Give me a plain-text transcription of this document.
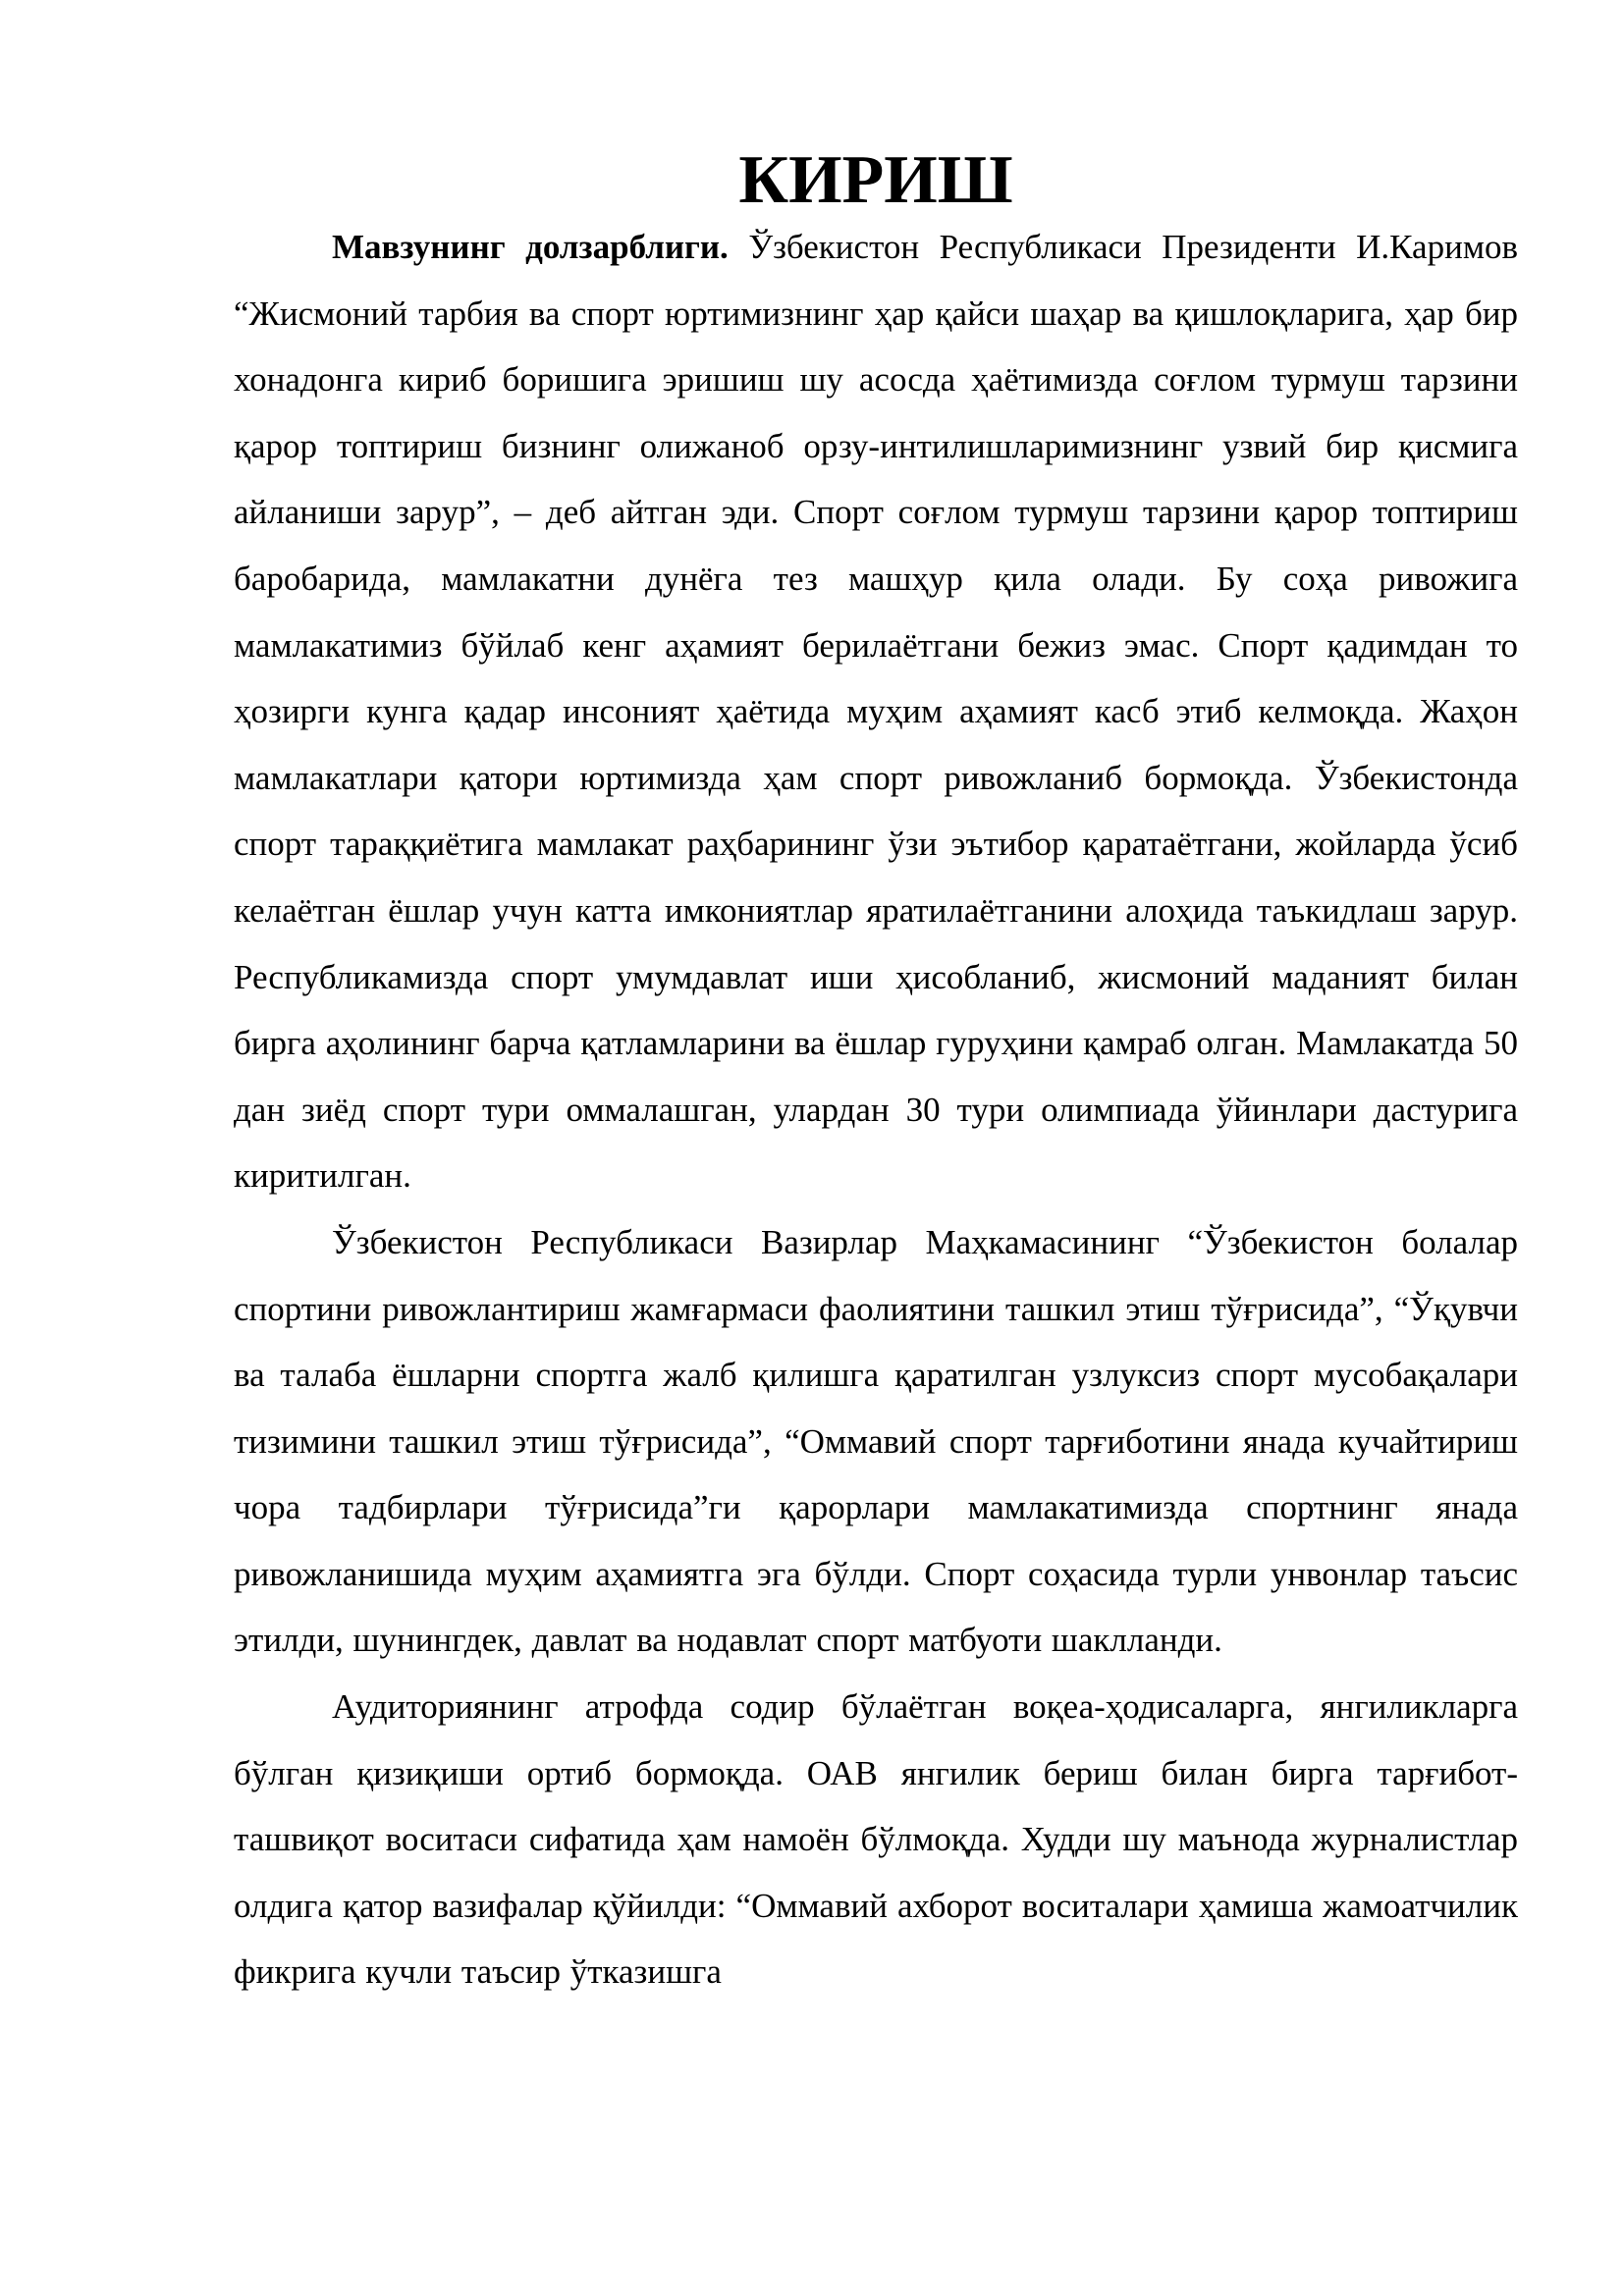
КИРИШ

Мавзунинг долзарблиги. Ўзбекистон Республикаси Президенти И.Каримов “Жисмоний тарбия ва спорт юртимизнинг ҳар қайси шаҳар ва қишлоқларига, ҳар бир хонадонга кириб боришига эришиш шу асосда ҳаётимизда соғлом турмуш тарзини қарор топтириш бизнинг олижаноб орзу-интилишларимизнинг узвий бир қисмига айланиши зарур”, – деб айтган эди. Спорт соғлом турмуш тарзини қарор топтириш баробарида, мамлакатни дунёга тез машҳур қила олади. Бу соҳа ривожига мамлакатимиз бўйлаб кенг аҳамият берилаётгани бежиз эмас. Спорт қадимдан то ҳозирги кунга қадар инсоният ҳаётида муҳим аҳамият касб этиб келмоқда. Жаҳон мамлакатлари қатори юртимизда ҳам спорт ривожланиб бормоқда. Ўзбекистонда спорт тараққиётига мамлакат раҳбарининг ўзи эътибор қаратаётгани, жойларда ўсиб келаётган ёшлар учун катта имкониятлар яратилаётганини алоҳида таъкидлаш зарур. Республикамизда спорт умумдавлат иши ҳисобланиб, жисмоний маданият билан бирга аҳолининг барча қатламларини ва ёшлар гуруҳини қамраб олган. Мамлакатда 50 дан зиёд спорт тури оммалашган, улардан 30 тури олимпиада ўйинлари дастурига киритилган.

Ўзбекистон Республикаси Вазирлар Маҳкамасининг “Ўзбекистон болалар спортини ривожлантириш жамғармаси фаолиятини ташкил этиш тўғрисида”, “Ўқувчи ва талаба ёшларни спортга жалб қилишга қаратилган узлуксиз спорт мусобақалари тизимини ташкил этиш тўғрисида”, “Оммавий спорт тарғиботини янада кучайтириш чора тадбирлари тўғрисида”ги қарорлари мамлакатимизда спортнинг янада ривожланишида муҳим аҳамиятга эга бўлди. Спорт соҳасида турли унвонлар таъсис этилди, шунингдек, давлат ва нодавлат спорт матбуоти шаклланди.

Аудиториянинг атрофда содир бўлаётган воқеа-ҳодисаларга, янгиликларга бўлган қизиқиши ортиб бормоқда. ОАВ янгилик бериш билан бирга тарғибот-ташвиқот воситаси сифатида ҳам намоён бўлмоқда. Худди шу маънода журналистлар олдига қатор вазифалар қўйилди: “Оммавий ахборот воситалари ҳамиша жамоатчилик фикрига кучли таъсир ўтказишга
